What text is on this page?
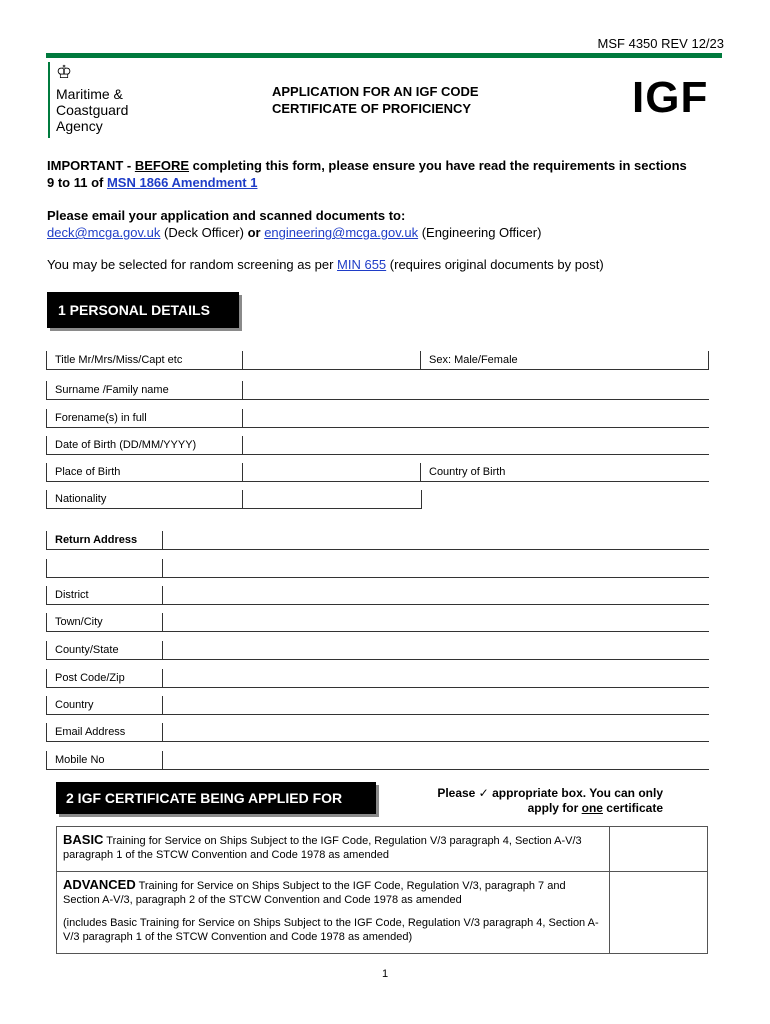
MSF 4350 REV 12/23
♔
Maritime &
Coastguard
Agency
APPLICATION FOR AN IGF CODE
CERTIFICATE OF PROFICIENCY	IGF
IMPORTANT - BEFORE completing this form, please ensure you have read the requirements in sections
9 to 11 of MSN 1866 Amendment 1
Please email your application and scanned documents to:
deck@mcga.gov.uk (Deck Officer) or engineering@mcga.gov.uk (Engineering Officer)
You may be selected for random screening as per MIN 655 (requires original documents by post)
1 PERSONAL DETAILS
Title Mr/Mrs/Miss/Capt etc	Sex: Male/Female
Surname /Family name
Forename(s) in full
Date of Birth (DD/MM/YYYY)
Place of Birth	Country of Birth
Nationality
Return Address
District
Town/City
County/State
Post Code/Zip
Country
Email Address
Mobile No
2 IGF CERTIFICATE BEING APPLIED FOR	Please ✓ appropriate box. You can only
apply for one certificate
BASIC Training for Service on Ships Subject to the IGF Code, Regulation V/3 paragraph 4, Section A-V/3 paragraph 1 of the STCW Convention and Code 1978 as amended
ADVANCED Training for Service on Ships Subject to the IGF Code, Regulation V/3, paragraph 7 and Section A-V/3, paragraph 2 of the STCW Convention and Code 1978 as amended
(includes Basic Training for Service on Ships Subject to the IGF Code, Regulation V/3 paragraph 4, Section A-V/3 paragraph 1 of the STCW Convention and Code 1978 as amended)
1
